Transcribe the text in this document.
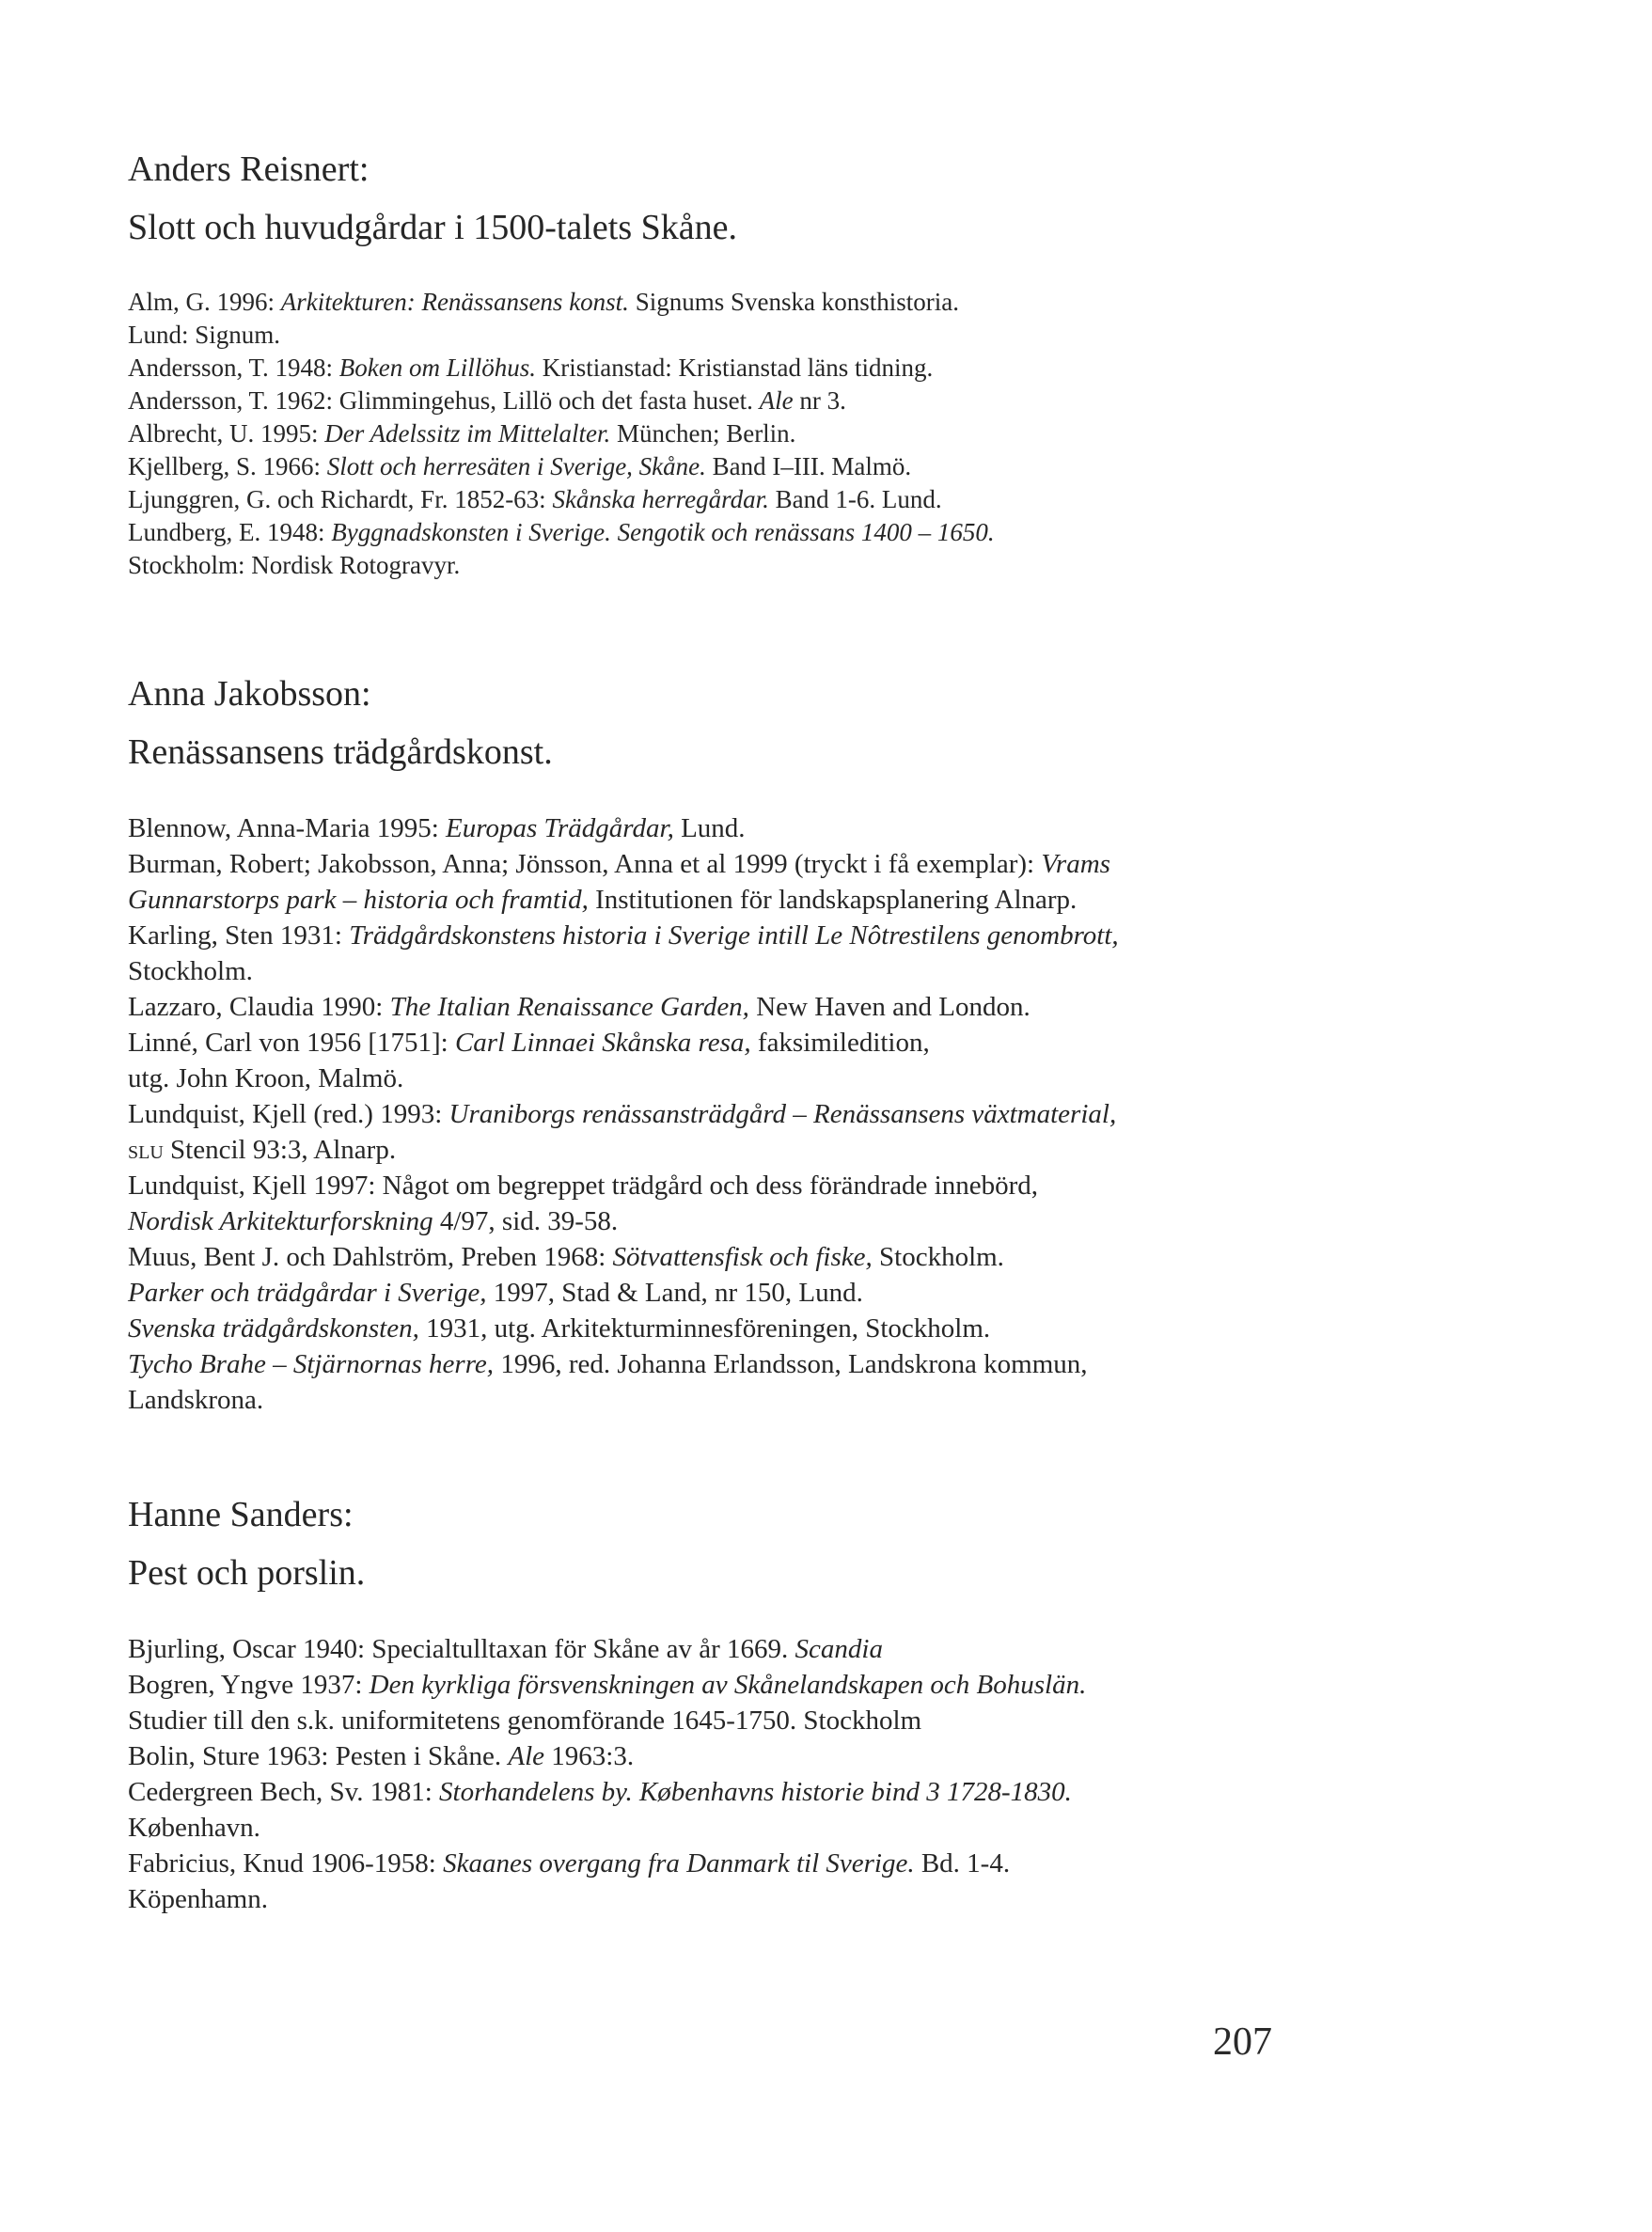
Anders Reisnert:
Slott och huvudgårdar i 1500-talets Skåne.
Alm, G. 1996: Arkitekturen: Renässansens konst. Signums Svenska konsthistoria.
Lund: Signum.
Andersson, T. 1948: Boken om Lillöhus. Kristianstad: Kristianstad läns tidning.
Andersson, T. 1962: Glimmingehus, Lillö och det fasta huset. Ale nr 3.
Albrecht, U. 1995: Der Adelssitz im Mittelalter. München; Berlin.
Kjellberg, S. 1966: Slott och herresäten i Sverige, Skåne. Band I–III. Malmö.
Ljunggren, G. och Richardt, Fr. 1852-63: Skånska herregårdar. Band 1-6. Lund.
Lundberg, E. 1948: Byggnadskonsten i Sverige. Sengotik och renässans 1400 – 1650.
Stockholm: Nordisk Rotogravyr.
Anna Jakobsson:
Renässansens trädgårdskonst.
Blennow, Anna-Maria 1995: Europas Trädgårdar, Lund.
Burman, Robert; Jakobsson, Anna; Jönsson, Anna et al 1999 (tryckt i få exemplar): Vrams
Gunnarstorps park – historia och framtid, Institutionen för landskapsplanering Alnarp.
Karling, Sten 1931: Trädgårdskonstens historia i Sverige intill Le Nôtrestilens genombrott,
Stockholm.
Lazzaro, Claudia 1990: The Italian Renaissance Garden, New Haven and London.
Linné, Carl von 1956 [1751]: Carl Linnaei Skånska resa, faksimiledition,
utg. John Kroon, Malmö.
Lundquist, Kjell (red.) 1993: Uraniborgs renässansträdgård – Renässansens växtmaterial,
slu Stencil 93:3, Alnarp.
Lundquist, Kjell 1997: Något om begreppet trädgård och dess förändrade innebörd,
Nordisk Arkitekturforskning 4/97, sid. 39-58.
Muus, Bent J. och Dahlström, Preben 1968: Sötvattensfisk och fiske, Stockholm.
Parker och trädgårdar i Sverige, 1997, Stad & Land, nr 150, Lund.
Svenska trädgårdskonsten, 1931, utg. Arkitekturminnesföreningen, Stockholm.
Tycho Brahe – Stjärnornas herre, 1996, red. Johanna Erlandsson, Landskrona kommun,
Landskrona.
Hanne Sanders:
Pest och porslin.
Bjurling, Oscar 1940: Specialtulltaxan för Skåne av år 1669. Scandia
Bogren, Yngve 1937: Den kyrkliga försvenskningen av Skånelandskapen och Bohuslän.
Studier till den s.k. uniformitetens genomförande 1645-1750. Stockholm
Bolin, Sture 1963: Pesten i Skåne. Ale 1963:3.
Cedergreen Bech, Sv. 1981: Storhandelens by. Københavns historie bind 3 1728-1830.
København.
Fabricius, Knud 1906-1958: Skaanes overgang fra Danmark til Sverige. Bd. 1-4.
Köpenhamn.
207
